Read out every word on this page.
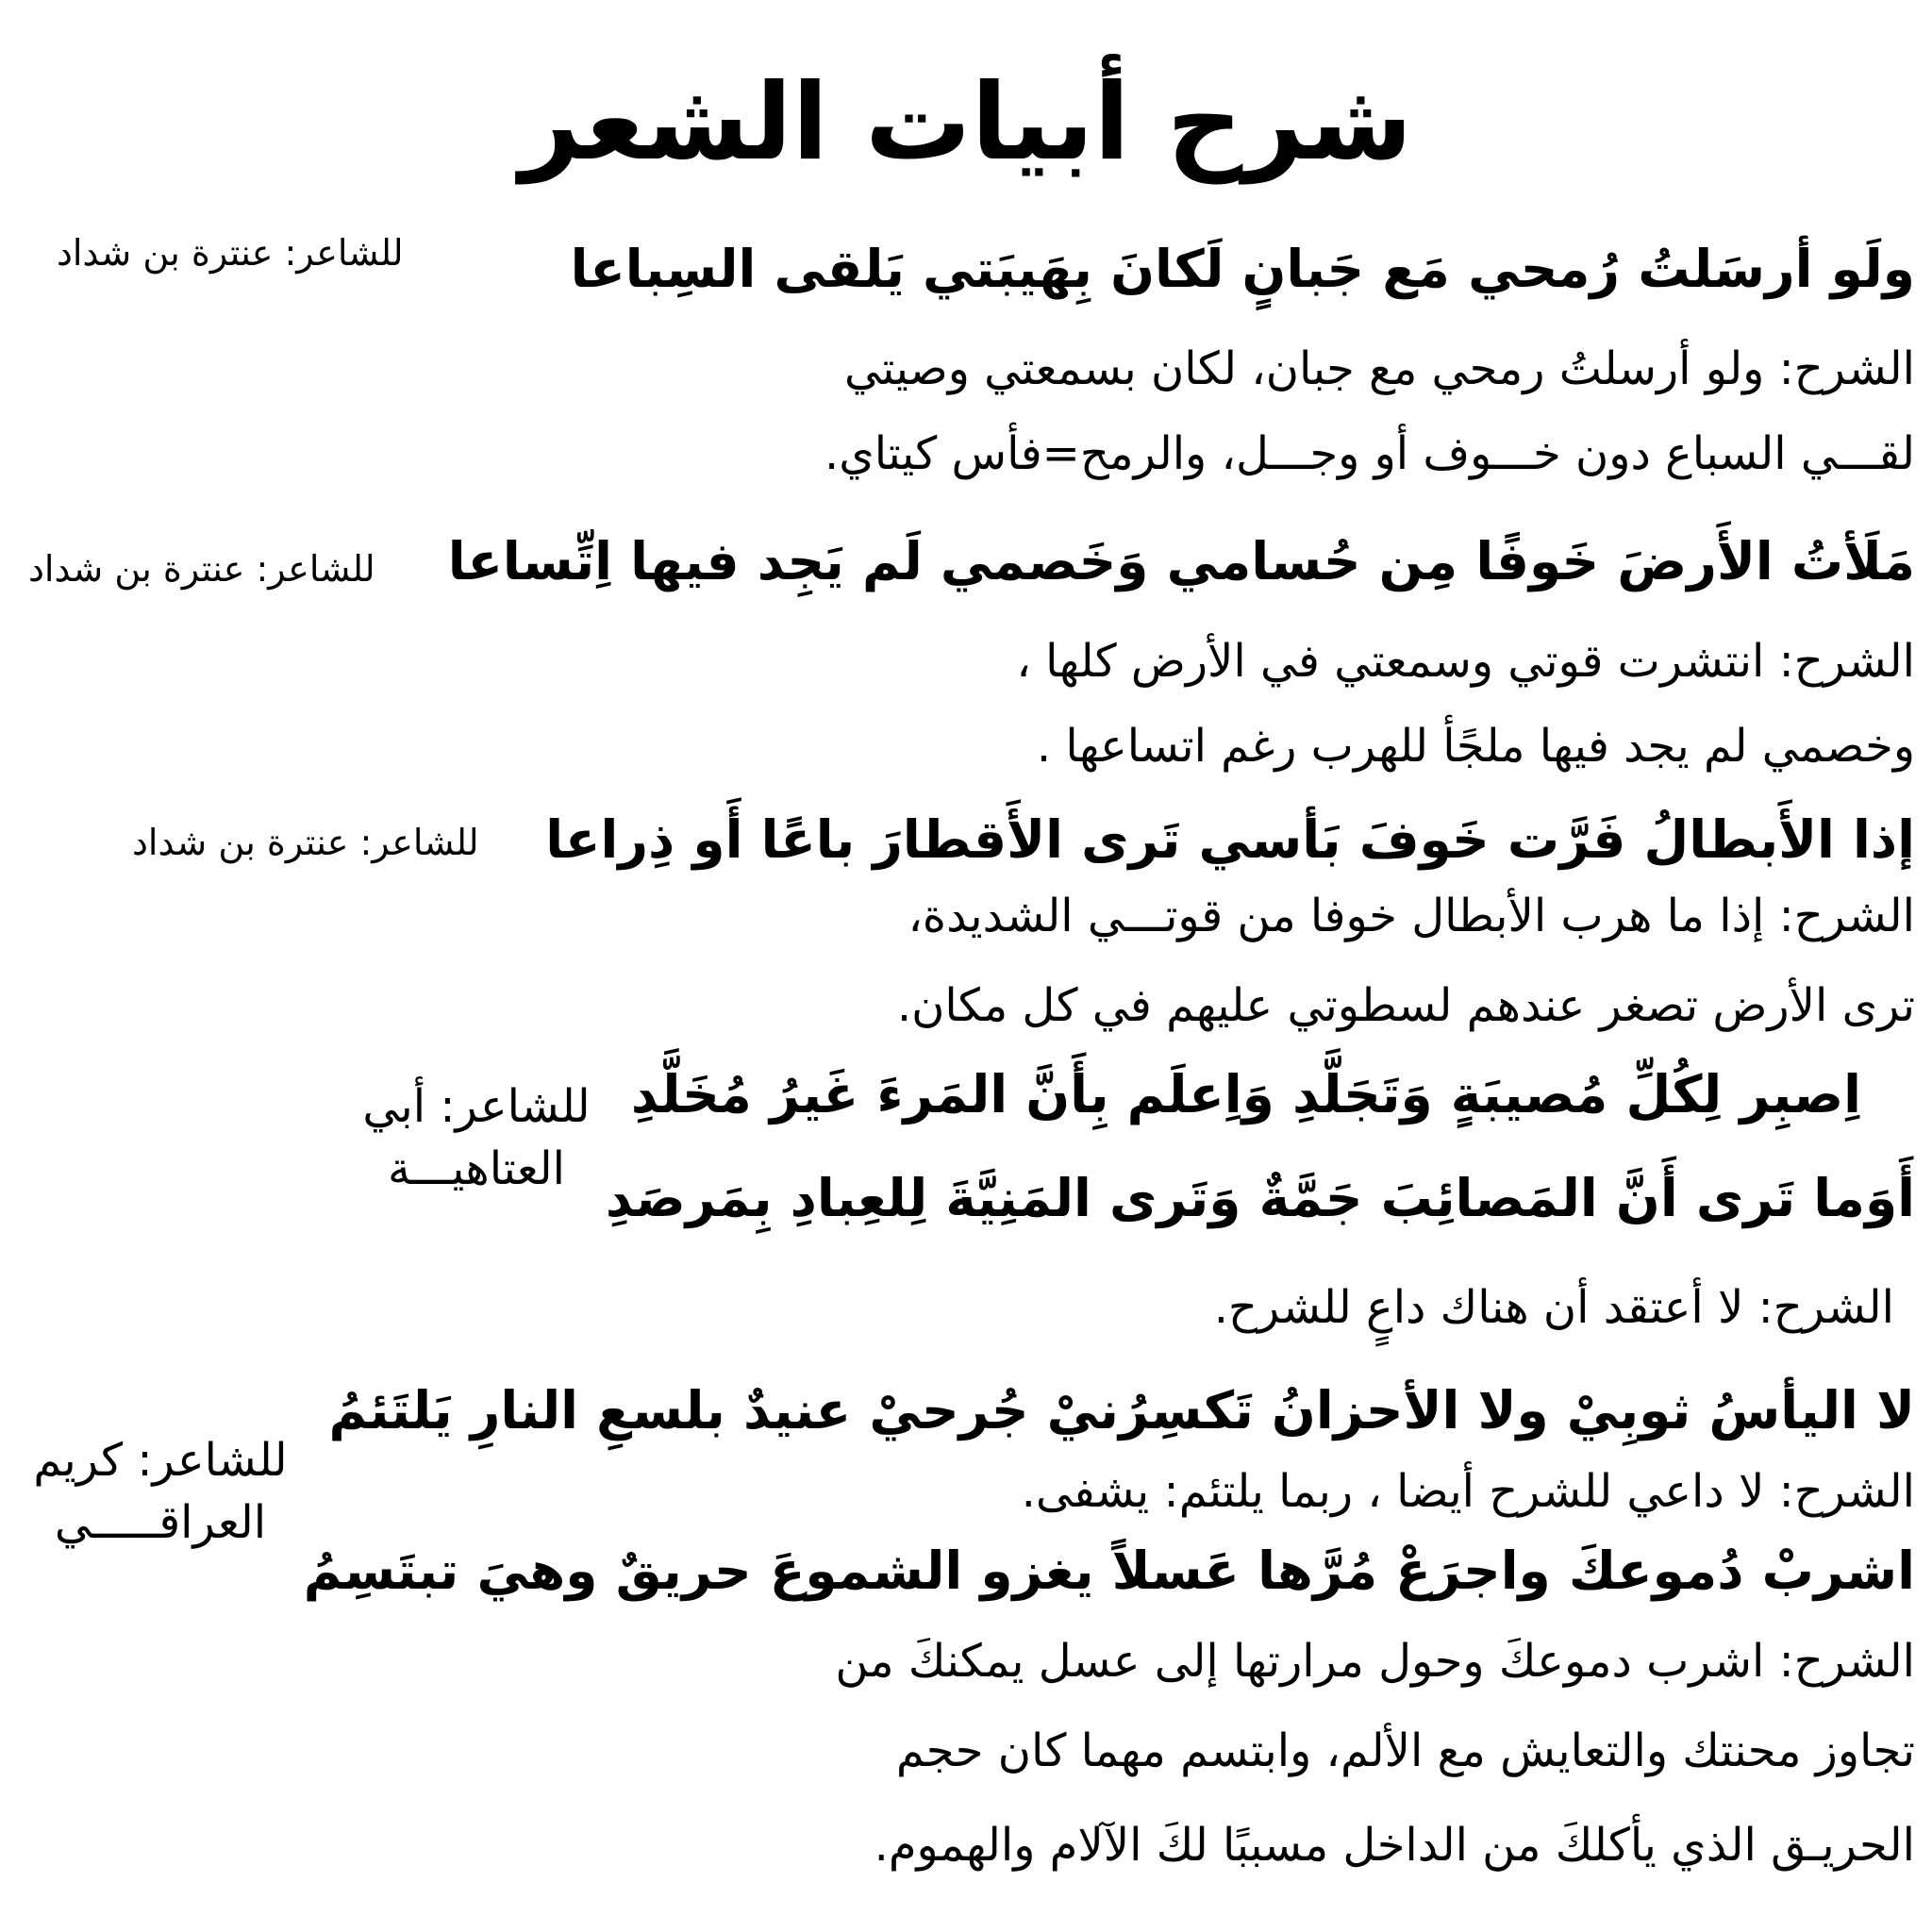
شرح أبيات الشعر
ولَو أرسَلتُ رُمحي مَع جَبانٍ لَكانَ بِهَيبَتي يَلقى السِباعا
للشاعر: عنترة بن شداد
الشرح: ولو أرسلتُ رمحي مع جبان، لكان بسمعتي وصيتي
لقـــي السباع دون خـــوف أو وجـــل، والرمح=فأس كيتاي.
مَلَأتُ الأَرضَ خَوفًا مِن حُسامي وَخَصمي لَم يَجِد فيها اِتِّساعا
للشاعر: عنترة بن شداد
الشرح: انتشرت قوتي وسمعتي في الأرض كلها ،
وخصمي لم يجد فيها ملجًأ للهرب رغم اتساعها .
إذا الأَبطالُ فَرَّت خَوفَ بَأسي تَرى الأَقطارَ باعًا أَو ذِراعا
للشاعر: عنترة بن شداد
الشرح: إذا ما هرب الأبطال خوفا من قوتـــي الشديدة،
ترى الأرض تصغر عندهم لسطوتي عليهم في كل مكان.
اِصبِر لِكُلِّ مُصيبَةٍ وَتَجَلَّدِ وَاِعلَم بِأَنَّ المَرءَ غَيرُ مُخَلَّدِ
أَوَما تَرى أَنَّ المَصائِبَ جَمَّةٌ وَتَرى المَنِيَّةَ لِلعِبادِ بِمَرصَدِ
للشاعر: أبي
العتاهيـــة
الشرح: لا أعتقد أن هناك داعٍ للشرح.
لا اليأسُ ثوبِيْ ولا الأحزانُ تَكسِرُنيْ جُرحيْ عنيدٌ بلسعِ النارِ يَلتَئمُ
للشاعر: كريم
العراقـــــي
الشرح: لا داعي للشرح أيضا ، ربما يلتئم: يشفى.
اشربْ دُموعكَ واجرَعْ مُرَّها عَسلاً يغزو الشموعَ حريقٌ وهيَ تبتَسِمُ
الشرح: اشرب دموعكَ وحول مرارتها إلى عسل يمكنكَ من
تجاوز محنتك والتعايش مع الألم، وابتسم مهما كان حجم
الحريـق الذي يأكلكَ من الداخل مسببًا لكَ الآلام والهموم.
